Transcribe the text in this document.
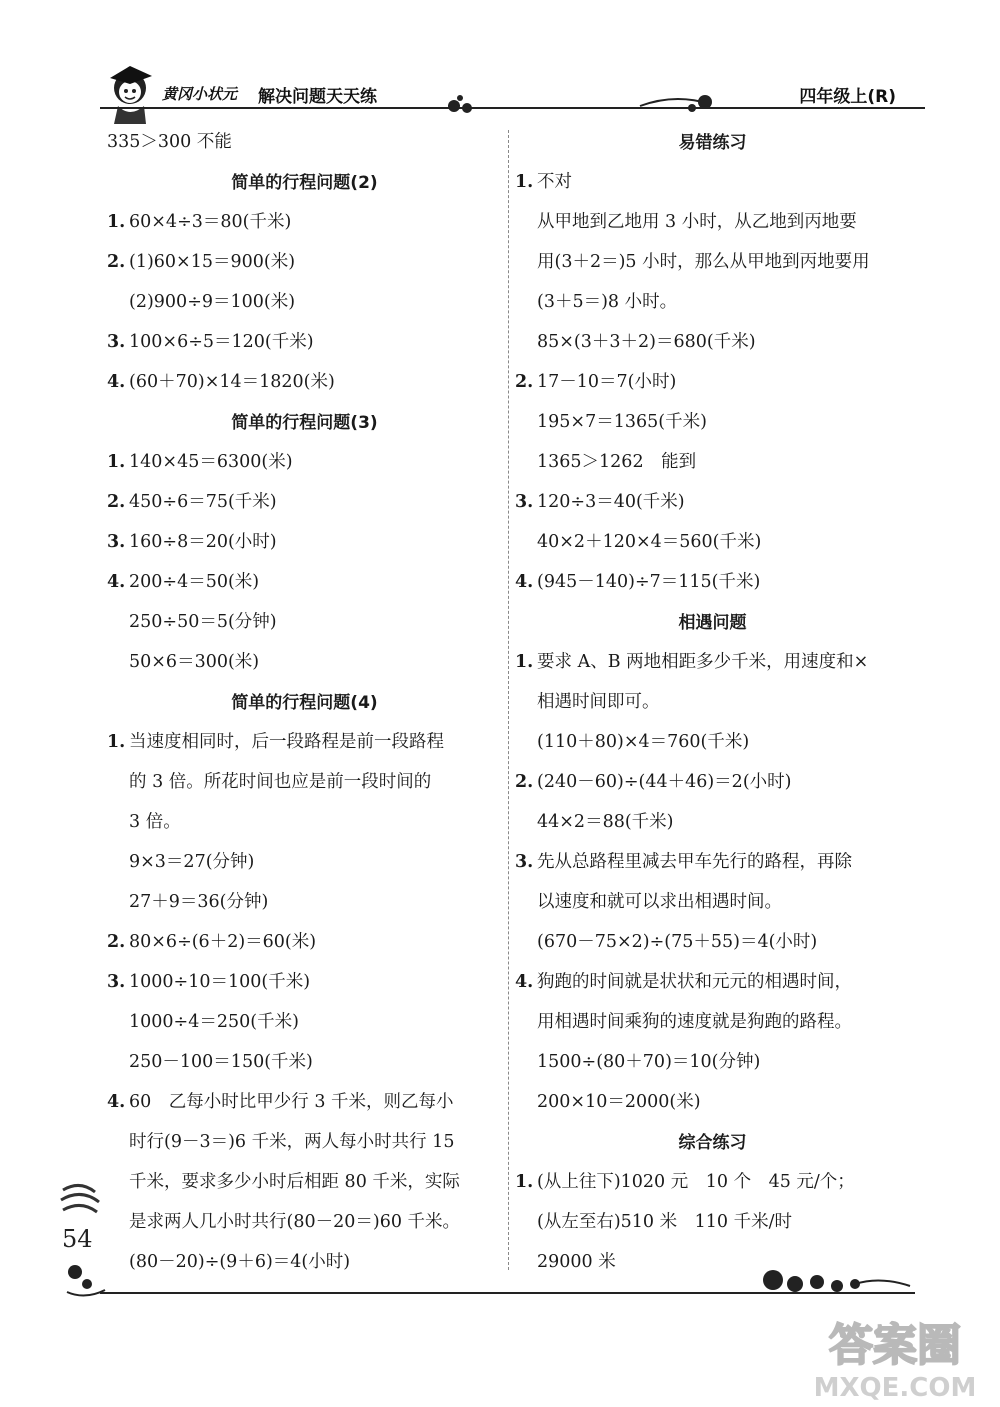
黄冈小状元 解决问题天天练	四年级上(R)
335＞300 不能
简单的行程问题(2)
1. 60×4÷3＝80(千米)
2. (1)60×15＝900(米)
(2)900÷9＝100(米)
3. 100×6÷5＝120(千米)
4. (60＋70)×14＝1820(米)
简单的行程问题(3)
1. 140×45＝6300(米)
2. 450÷6＝75(千米)
3. 160÷8＝20(小时)
4. 200÷4＝50(米)
250÷50＝5(分钟)
50×6＝300(米)
简单的行程问题(4)
1. 当速度相同时，后一段路程是前一段路程
的 3 倍。所花时间也应是前一段时间的
3 倍。
9×3＝27(分钟)
27＋9＝36(分钟)
2. 80×6÷(6＋2)＝60(米)
3. 1000÷10＝100(千米)
1000÷4＝250(千米)
250－100＝150(千米)
4. 60　乙每小时比甲少行 3 千米，则乙每小
时行(9－3＝)6 千米，两人每小时共行 15
千米，要求多少小时后相距 80 千米，实际
是求两人几小时共行(80－20＝)60 千米。
(80－20)÷(9＋6)＝4(小时)
易错练习
1. 不对
从甲地到乙地用 3 小时，从乙地到丙地要
用(3＋2＝)5 小时，那么从甲地到丙地要用
(3＋5＝)8 小时。
85×(3＋3＋2)＝680(千米)
2. 17－10＝7(小时)
195×7＝1365(千米)
1365＞1262　能到
3. 120÷3＝40(千米)
40×2＋120×4＝560(千米)
4. (945－140)÷7＝115(千米)
相遇问题
1. 要求 A、B 两地相距多少千米，用速度和×
相遇时间即可。
(110＋80)×4＝760(千米)
2. (240－60)÷(44＋46)＝2(小时)
44×2＝88(千米)
3. 先从总路程里减去甲车先行的路程，再除
以速度和就可以求出相遇时间。
(670－75×2)÷(75＋55)＝4(小时)
4. 狗跑的时间就是状状和元元的相遇时间，
用相遇时间乘狗的速度就是狗跑的路程。
1500÷(80＋70)＝10(分钟)
200×10＝2000(米)
综合练习
1. (从上往下)1020 元　10 个　45 元/个；
(从左至右)510 米　110 千米/时
29000 米
54
答案圈
MXQE.COM
